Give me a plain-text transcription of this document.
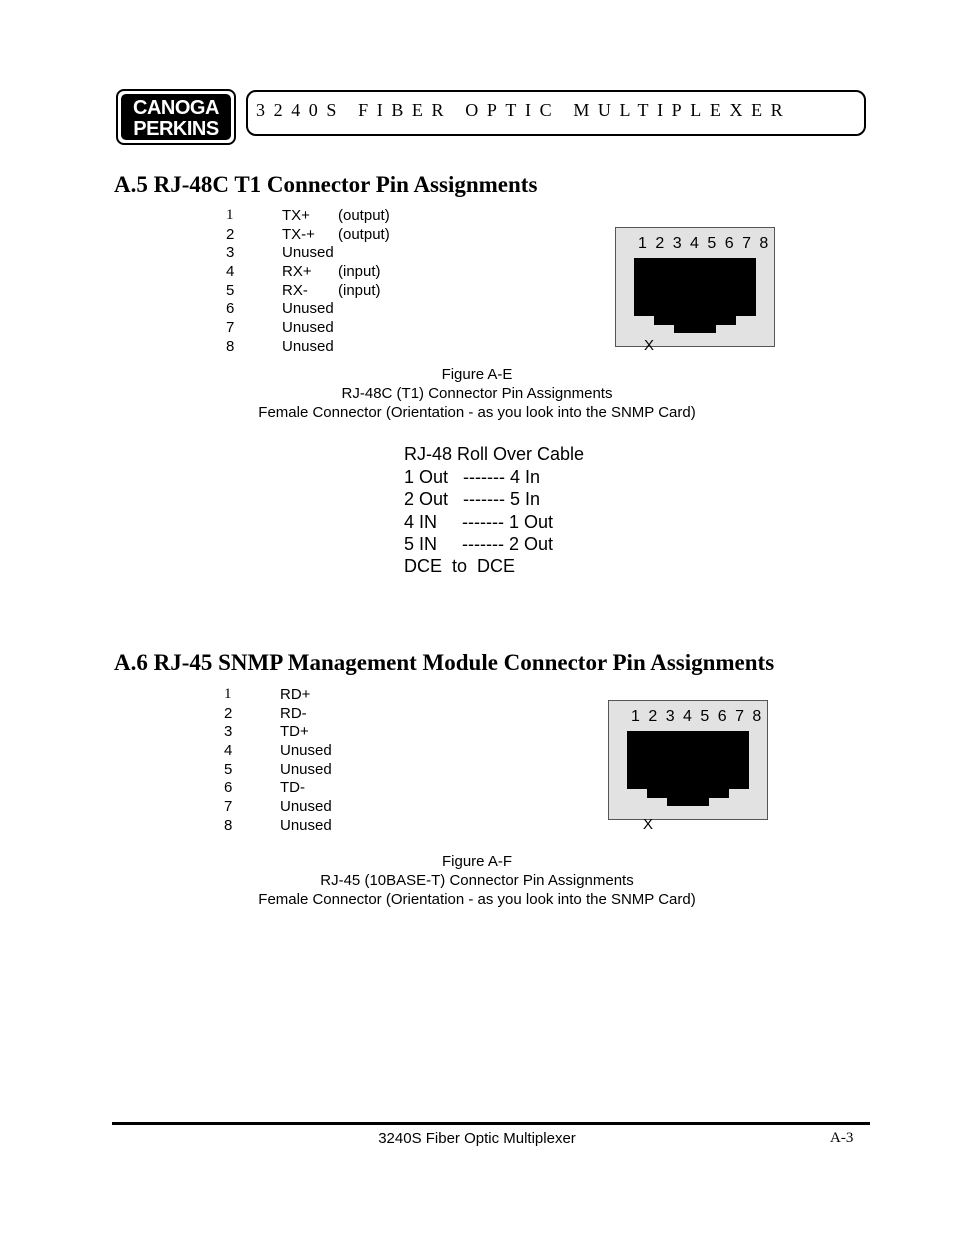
CANOGA
PERKINS
3240S FIBER OPTIC MULTIPLEXER
A.5 RJ-48C T1 Connector Pin Assignments
1	TX+ (output)
2	TX-+ (output)
3	Unused
4	RX+ (input)
5	RX- (input)
6	Unused
7	Unused
8	Unused
1 2 3 4 5 6 7 8
X
Figure A-E
RJ-48C (T1) Connector Pin Assignments
Female Connector (Orientation - as you look into the SNMP Card)
RJ-48 Roll Over Cable
1 Out   ------- 4 In
2 Out   ------- 5 In
4 IN     ------- 1 Out
5 IN     ------- 2 Out
DCE  to  DCE
A.6 RJ-45 SNMP Management Module Connector Pin Assignments
1	RD+
2	RD-
3	TD+
4	Unused
5	Unused
6	TD-
7	Unused
8	Unused
1 2 3 4 5 6 7 8
X
Figure A-F
RJ-45 (10BASE-T) Connector Pin Assignments
Female Connector (Orientation - as you look into the SNMP Card)
3240S Fiber Optic Multiplexer	A-3
